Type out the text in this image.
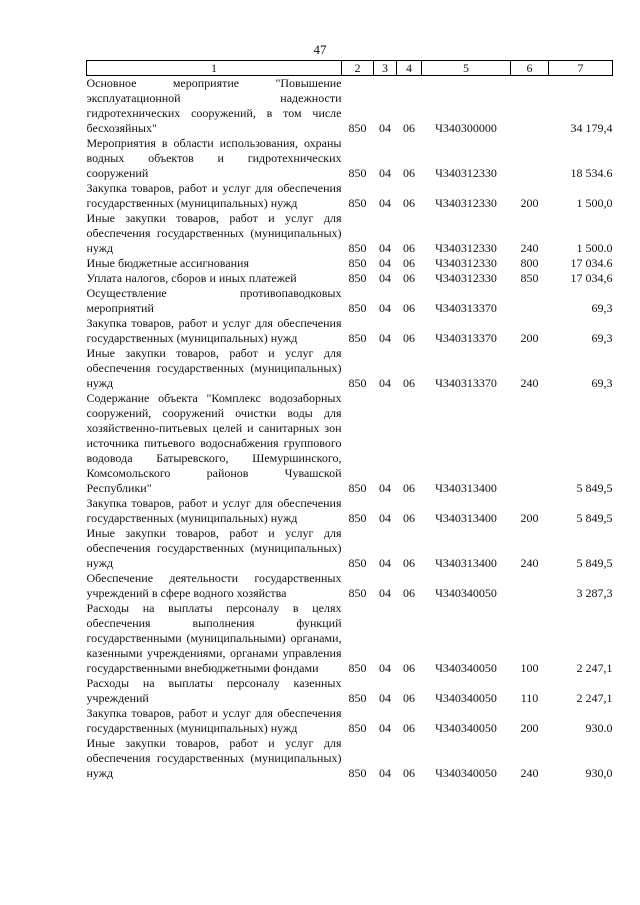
47
1	2	3	4	5	6	7
Основное мероприятие "Повышение эксплуатационной надежности гидротехнических сооружений, в том числе бесхозяйных"	850	04	06	Ч340300000		34 179,4
Мероприятия в области использования, охраны водных объектов и гидротехнических сооружений	850	04	06	Ч340312330		18 534.6
Закупка товаров, работ и услуг для обеспечения государственных (муниципальных) нужд	850	04	06	Ч340312330	200	1 500,0
Иные закупки товаров, работ и услуг для обеспечения государственных (муниципальных) нужд	850	04	06	Ч340312330	240	1 500.0
Иные бюджетные ассигнования	850	04	06	Ч340312330	800	17 034.6
Уплата налогов, сборов и иных платежей	850	04	06	Ч340312330	850	17 034,6
Осуществление противопаводковых мероприятий	850	04	06	Ч340313370		69,3
Закупка товаров, работ и услуг для обеспечения государственных (муниципальных) нужд	850	04	06	Ч340313370	200	69,3
Иные закупки товаров, работ и услуг для обеспечения государственных (муниципальных) нужд	850	04	06	Ч340313370	240	69,3
Содержание объекта "Комплекс водозаборных сооружений, сооружений очистки воды для хозяйственно-питьевых целей и санитарных зон источника питьевого водоснабжения группового водовода Батыревского, Шемуршинского, Комсомольского районов Чувашской Республики"	850	04	06	Ч340313400		5 849,5
Закупка товаров, работ и услуг для обеспечения государственных (муниципальных) нужд	850	04	06	Ч340313400	200	5 849,5
Иные закупки товаров, работ и услуг для обеспечения государственных (муниципальных) нужд	850	04	06	Ч340313400	240	5 849,5
Обеспечение деятельности государственных учреждений в сфере водного хозяйства	850	04	06	Ч340340050		3 287,3
Расходы на выплаты персоналу в целях обеспечения выполнения функций государственными (муниципальными) органами, казенными учреждениями, органами управления государственными внебюджетными фондами	850	04	06	Ч340340050	100	2 247,1
Расходы на выплаты персоналу казенных учреждений	850	04	06	Ч340340050	110	2 247,1
Закупка товаров, работ и услуг для обеспечения государственных (муниципальных) нужд	850	04	06	Ч340340050	200	930.0
Иные закупки товаров, работ и услуг для обеспечения государственных (муниципальных) нужд	850	04	06	Ч340340050	240	930,0
